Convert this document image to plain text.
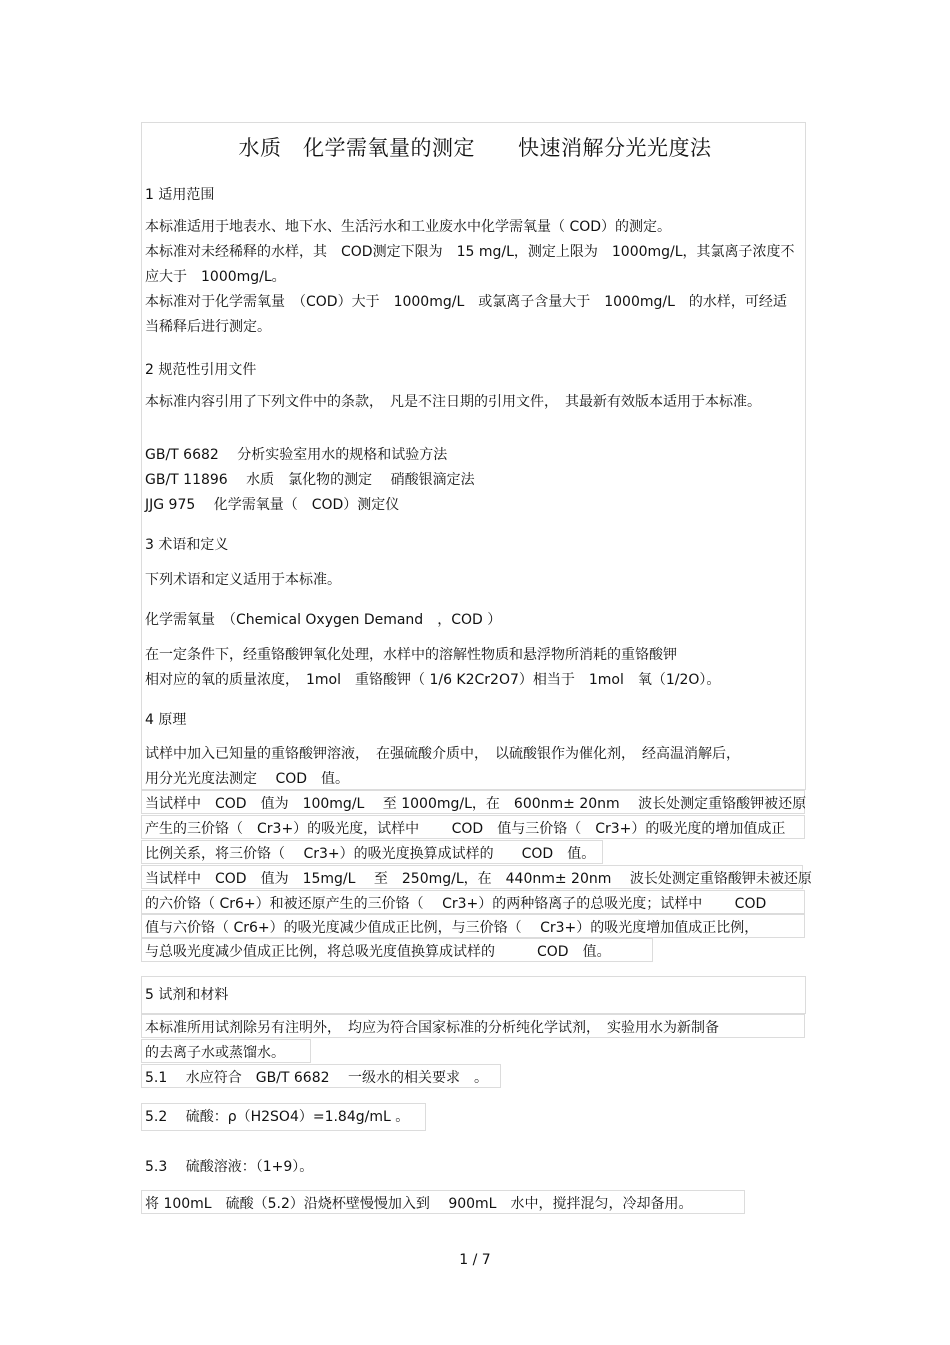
水质　化学需氧量的测定　　快速消解分光光度法
1 适用范围
本标准适用于地表水、地下水、生活污水和工业废水中化学需氧量（ COD）的测定。
本标准对未经稀释的水样，其　COD测定下限为　15 mg/L，测定上限为　1000mg/L，其氯离子浓度不应大于　1000mg/L。
本标准对于化学需氧量　（COD）大于　1000mg/L　或氯离子含量大于　1000mg/L　的水样，可经适当稀释后进行测定。
2 规范性引用文件
本标准内容引用了下列文件中的条款，　凡是不注日期的引用文件，　其最新有效版本适用于本标准。
GB/T 6682　 分析实验室用水的规格和试验方法
GB/T 11896　 水质　氯化物的测定　 硝酸银滴定法
JJG 975　 化学需氧量（　COD）测定仪
3 术语和定义
下列术语和定义适用于本标准。
化学需氧量　（Chemical Oxygen Demand　，COD ）
在一定条件下，经重铬酸钾氧化处理，水样中的溶解性物质和悬浮物所消耗的重铬酸钾
相对应的氧的质量浓度，　1mol　重铬酸钾（ 1/6 K2Cr2O7）相当于　1mol　氧（1/2O）。
4 原理
试样中加入已知量的重铬酸钾溶液，　在强硫酸介质中，　以硫酸银作为催化剂，　经高温消解后，
用分光光度法测定　 COD　值。
当试样中　COD　值为　100mg/L　 至 1000mg/L，在　600nm± 20nm　 波长处测定重铬酸钾被还原
产生的三价铬（　Cr3+）的吸光度，试样中　　 COD　值与三价铬（　Cr3+）的吸光度的增加值成正
比例关系，将三价铬（　 Cr3+）的吸光度换算成试样的　　COD　值。
当试样中　COD　值为　15mg/L　 至　250mg/L，在　440nm± 20nm　 波长处测定重铬酸钾未被还原
的六价铬（ Cr6+）和被还原产生的三价铬（　 Cr3+）的两种铬离子的总吸光度；试样中　　 COD
值与六价铬（ Cr6+）的吸光度减少值成正比例，与三价铬（　 Cr3+）的吸光度增加值成正比例，
与总吸光度减少值成正比例，将总吸光度值换算成试样的　　　COD　值。
5 试剂和材料
本标准所用试剂除另有注明外，　均应为符合国家标准的分析纯化学试剂，　实验用水为新制备
的去离子水或蒸馏水。
5.1　 水应符合　GB/T 6682　 一级水的相关要求　。
5.2　 硫酸：ρ（H2SO4）=1.84g/mL 。
5.3　 硫酸溶液：（1+9）。
将 100mL　硫酸（5.2）沿烧杯壁慢慢加入到　 900mL　水中，搅拌混匀，冷却备用。
1 / 7
